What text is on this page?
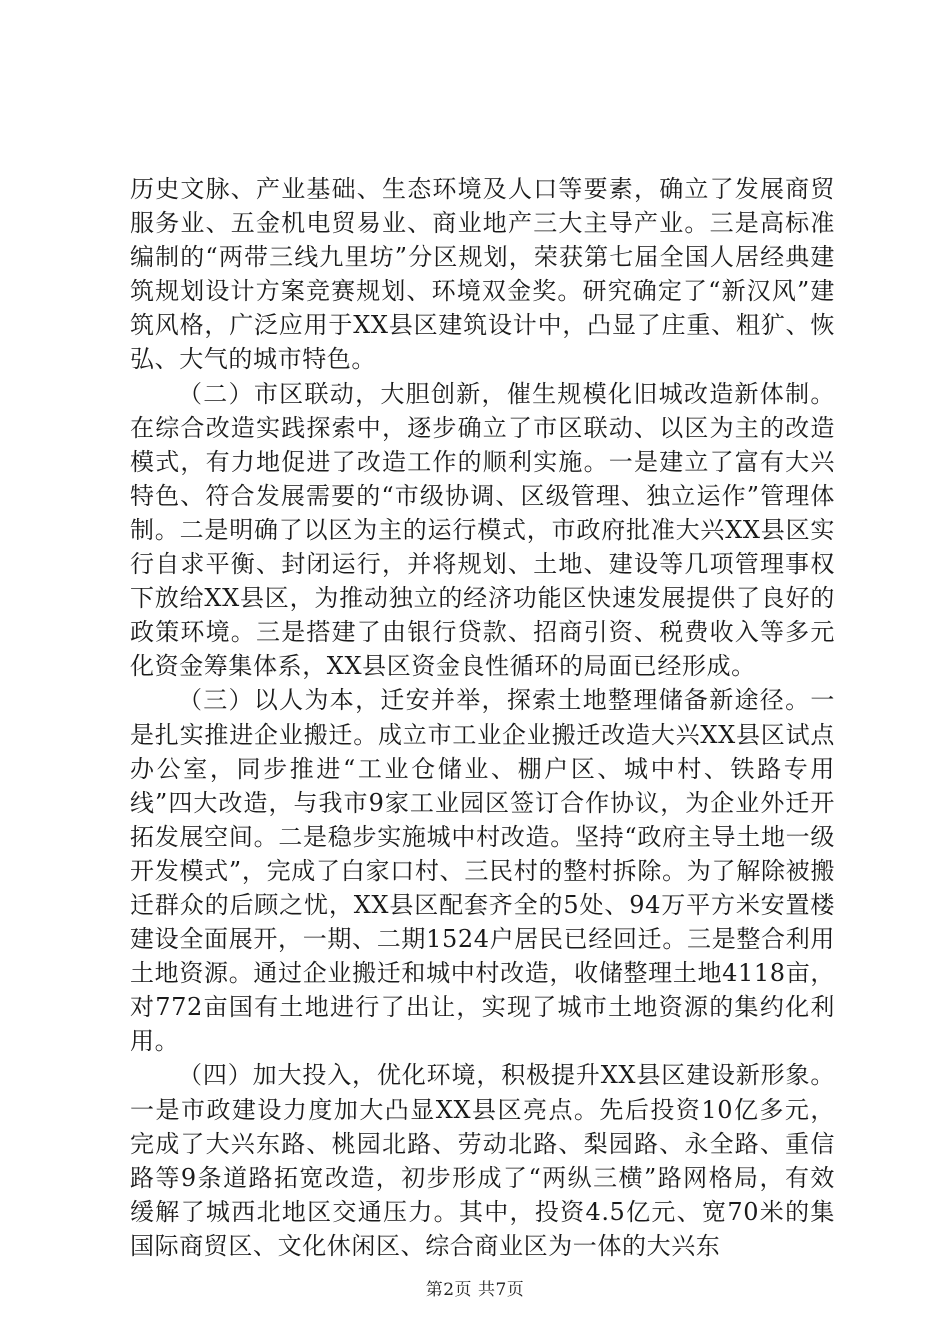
历史文脉、产业基础、生态环境及人口等要素，确立了发展商贸服务业、五金机电贸易业、商业地产三大主导产业。三是高标准编制的“两带三线九里坊”分区规划，荣获第七届全国人居经典建筑规划设计方案竞赛规划、环境双金奖。研究确定了“新汉风”建筑风格，广泛应用于XX县区建筑设计中，凸显了庄重、粗犷、恢弘、大气的城市特色。

（二）市区联动，大胆创新，催生规模化旧城改造新体制。在综合改造实践探索中，逐步确立了市区联动、以区为主的改造模式，有力地促进了改造工作的顺利实施。一是建立了富有大兴特色、符合发展需要的“市级协调、区级管理、独立运作”管理体制。二是明确了以区为主的运行模式，市政府批准大兴XX县区实行自求平衡、封闭运行，并将规划、土地、建设等几项管理事权下放给XX县区，为推动独立的经济功能区快速发展提供了良好的政策环境。三是搭建了由银行贷款、招商引资、税费收入等多元化资金筹集体系，XX县区资金良性循环的局面已经形成。

（三）以人为本，迁安并举，探索土地整理储备新途径。一是扎实推进企业搬迁。成立市工业企业搬迁改造大兴XX县区试点办公室，同步推进“工业仓储业、棚户区、城中村、铁路专用线”四大改造，与我市9家工业园区签订合作协议，为企业外迁开拓发展空间。二是稳步实施城中村改造。坚持“政府主导土地一级开发模式”，完成了白家口村、三民村的整村拆除。为了解除被搬迁群众的后顾之忧，XX县区配套齐全的5处、94万平方米安置楼建设全面展开，一期、二期1524户居民已经回迁。三是整合利用土地资源。通过企业搬迁和城中村改造，收储整理土地4118亩，对772亩国有土地进行了出让，实现了城市土地资源的集约化利用。

（四）加大投入，优化环境，积极提升XX县区建设新形象。一是市政建设力度加大凸显XX县区亮点。先后投资10亿多元，完成了大兴东路、桃园北路、劳动北路、梨园路、永全路、重信路等9条道路拓宽改造，初步形成了“两纵三横”路网格局，有效缓解了城西北地区交通压力。其中，投资4.5亿元、宽70米的集国际商贸区、文化休闲区、综合商业区为一体的大兴东

第2页 共7页
